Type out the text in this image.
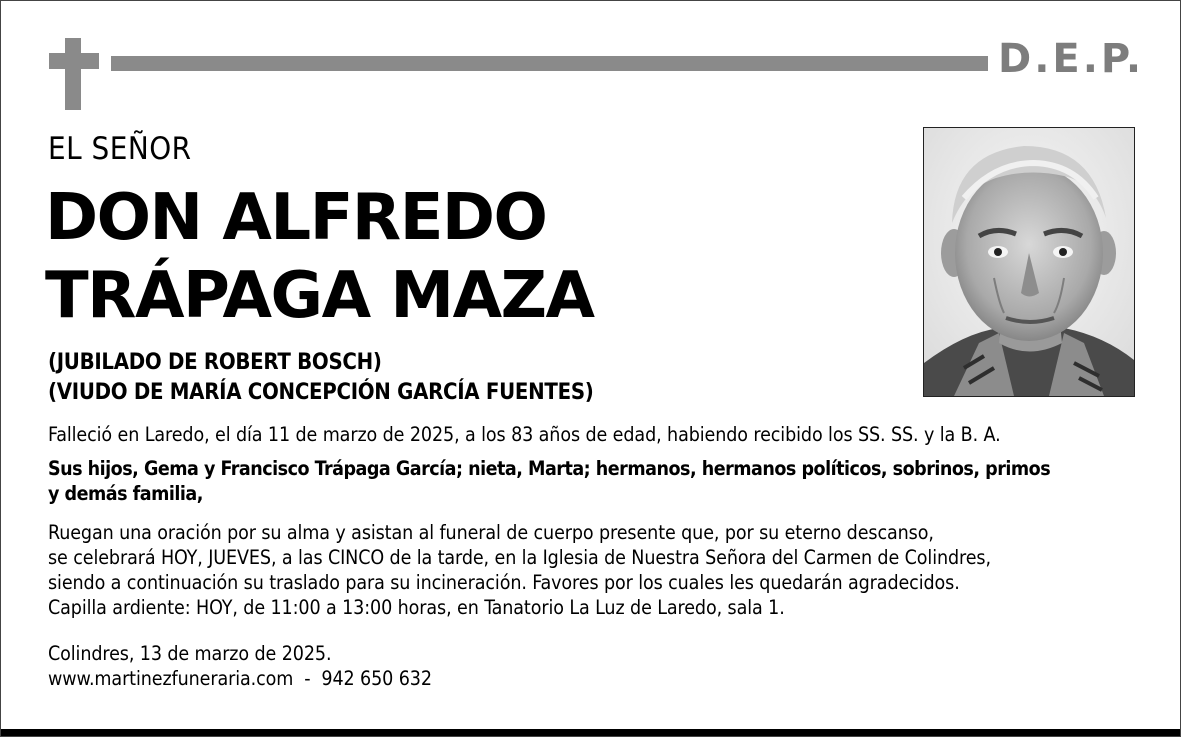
D.E.P.
EL SEÑOR
DON ALFREDO
TRÁPAGA MAZA
(JUBILADO DE ROBERT BOSCH)
(VIUDO DE MARÍA CONCEPCIÓN GARCÍA FUENTES)
Falleció en Laredo, el día 11 de marzo de 2025, a los 83 años de edad, habiendo recibido los SS. SS. y la B. A.
Sus hijos, Gema y Francisco Trápaga García; nieta, Marta; hermanos, hermanos políticos, sobrinos, primos
y demás familia,
Ruegan una oración por su alma y asistan al funeral de cuerpo presente que, por su eterno descanso,
se celebrará HOY, JUEVES, a las CINCO de la tarde, en la Iglesia de Nuestra Señora del Carmen de Colindres,
siendo a continuación su traslado para su incineración. Favores por los cuales les quedarán agradecidos.
Capilla ardiente: HOY, de 11:00 a 13:00 horas, en Tanatorio La Luz de Laredo, sala 1.
Colindres, 13 de marzo de 2025.
www.martinezfuneraria.com  -  942 650 632
